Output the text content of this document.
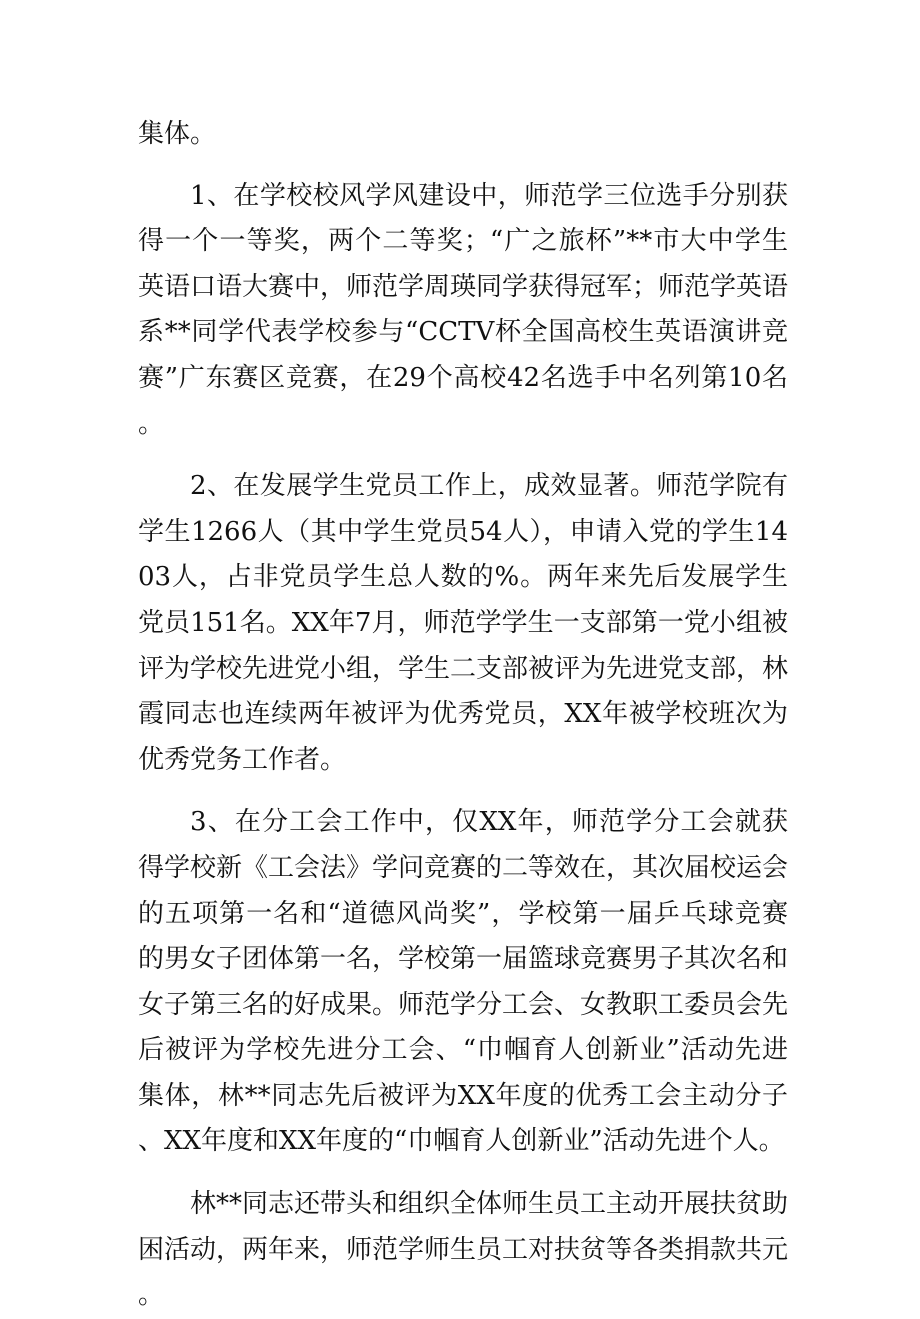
集体。

1、在学校校风学风建设中，师范学三位选手分别获得一个一等奖，两个二等奖；“广之旅杯”**市大中学生英语口语大赛中，师范学周瑛同学获得冠军；师范学英语系**同学代表学校参与“CCTV杯全国高校生英语演讲竞赛”广东赛区竞赛，在29个高校42名选手中名列第10名。

2、在发展学生党员工作上，成效显著。师范学院有学生1266人（其中学生党员54人），申请入党的学生1403人，占非党员学生总人数的%。两年来先后发展学生党员151名。XX年7月，师范学学生一支部第一党小组被评为学校先进党小组，学生二支部被评为先进党支部，林霞同志也连续两年被评为优秀党员，XX年被学校班次为优秀党务工作者。

3、在分工会工作中，仅XX年，师范学分工会就获得学校新《工会法》学问竞赛的二等效在，其次届校运会的五项第一名和“道德风尚奖”，学校第一届乒乓球竞赛的男女子团体第一名，学校第一届篮球竞赛男子其次名和女子第三名的好成果。师范学分工会、女教职工委员会先后被评为学校先进分工会、“巾帼育人创新业”活动先进集体，林**同志先后被评为XX年度的优秀工会主动分子、XX年度和XX年度的“巾帼育人创新业”活动先进个人。

林**同志还带头和组织全体师生员工主动开展扶贫助困活动，两年来，师范学师生员工对扶贫等各类捐款共元。
